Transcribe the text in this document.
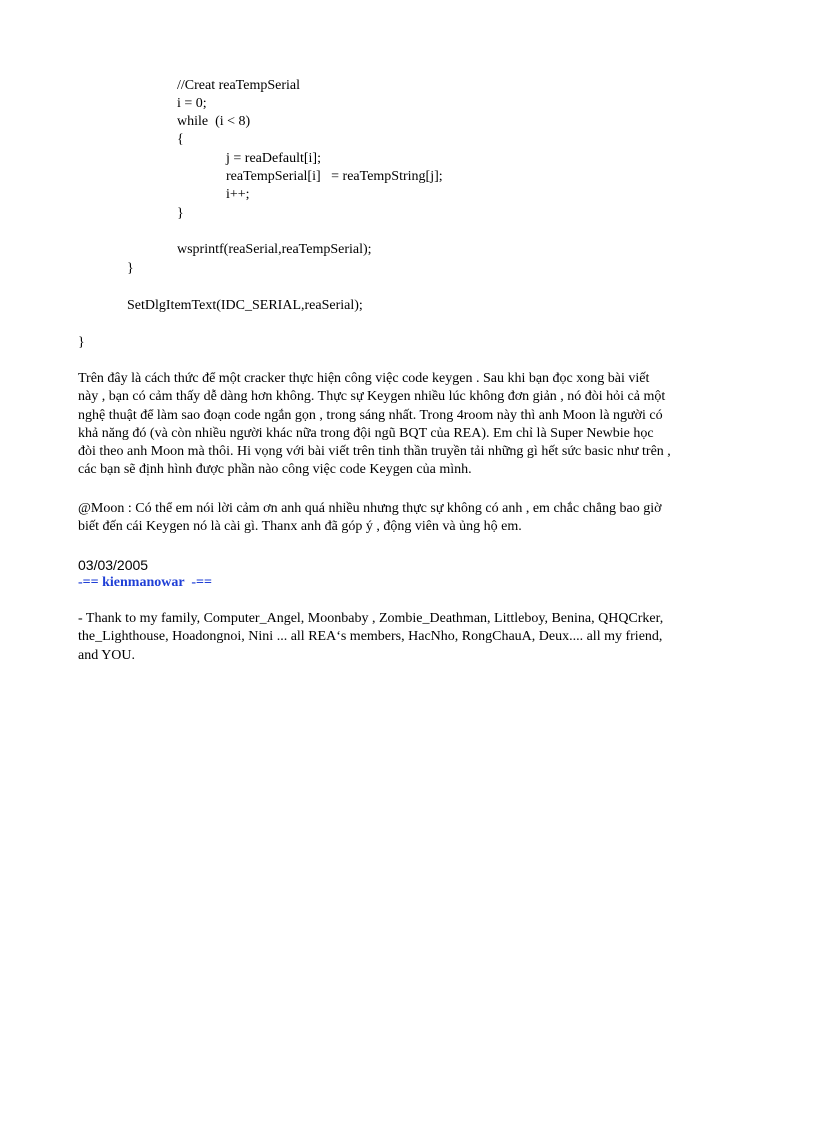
//Creat reaTempSerial
i = 0;
while  (i < 8)
{
j = reaDefault[i];
reaTempSerial[i]   = reaTempString[j];
i++;
}
wsprintf(reaSerial,reaTempSerial);
}
SetDlgItemText(IDC_SERIAL,reaSerial);
}
Trên đây là cách thức để một cracker thực hiện công việc code keygen . Sau khi bạn đọc xong bài viết
này , bạn có cảm thấy dễ dàng hơn không. Thực sự Keygen nhiều lúc không đơn giản , nó đòi hỏi cả một
nghệ thuật để làm sao đoạn code ngắn gọn , trong sáng nhất. Trong 4room này thì anh Moon là người có
khả năng đó (và còn nhiều người khác nữa trong đội ngũ BQT của REA). Em chỉ là Super Newbie học
đòi theo anh Moon mà thôi. Hi vọng với bài viết trên tinh thần truyền tải những gì hết sức basic như trên ,
các bạn sẽ định hình được phần nào công việc code Keygen của mình.
@Moon : Có thể em nói lời cảm ơn anh quá nhiều nhưng thực sự không có anh , em chắc chẳng bao giờ
biết đến cái Keygen nó là cài gì. Thanx anh đã góp ý , động viên và ủng hộ em.
03/03/2005
-== kienmanowar  -==
- Thank to my family, Computer_Angel, Moonbaby , Zombie_Deathman, Littleboy, Benina, QHQCrker,
the_Lighthouse, Hoadongnoi, Nini ... all REA‘s members, HacNho, RongChauA, Deux.... all my friend,
and YOU.
